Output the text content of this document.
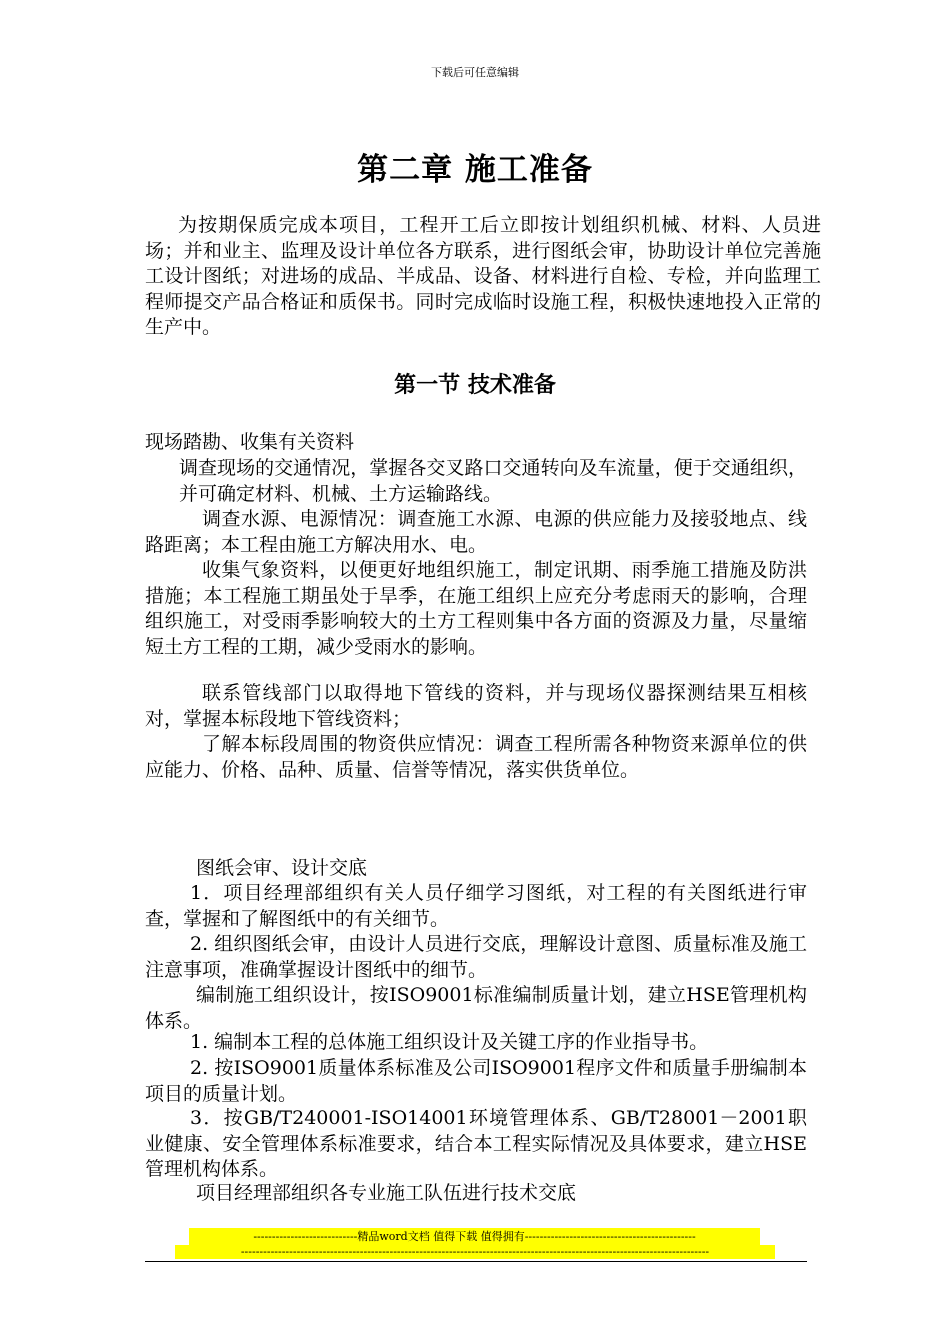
下载后可任意编辑
第二章 施工准备
为按期保质完成本项目，工程开工后立即按计划组织机械、材料、人员进场；并和业主、监理及设计单位各方联系，进行图纸会审，协助设计单位完善施工设计图纸；对进场的成品、半成品、设备、材料进行自检、专检，并向监理工程师提交产品合格证和质保书。同时完成临时设施工程，积极快速地投入正常的生产中。
第一节 技术准备
现场踏勘、收集有关资料
调查现场的交通情况，掌握各交叉路口交通转向及车流量，便于交通组织，并可确定材料、机械、土方运输路线。
调查水源、电源情况：调查施工水源、电源的供应能力及接驳地点、线路距离；本工程由施工方解决用水、电。
收集气象资料，以便更好地组织施工，制定讯期、雨季施工措施及防洪措施；本工程施工期虽处于旱季，在施工组织上应充分考虑雨天的影响，合理组织施工，对受雨季影响较大的土方工程则集中各方面的资源及力量，尽量缩短土方工程的工期，减少受雨水的影响。
联系管线部门以取得地下管线的资料，并与现场仪器探测结果互相核对，掌握本标段地下管线资料；
了解本标段周围的物资供应情况：调查工程所需各种物资来源单位的供应能力、价格、品种、质量、信誉等情况，落实供货单位。
图纸会审、设计交底
1．项目经理部组织有关人员仔细学习图纸，对工程的有关图纸进行审查，掌握和了解图纸中的有关细节。
2. 组织图纸会审，由设计人员进行交底，理解设计意图、质量标准及施工注意事项，准确掌握设计图纸中的细节。
编制施工组织设计，按ISO9001标准编制质量计划，建立HSE管理机构体系。
1. 编制本工程的总体施工组织设计及关键工序的作业指导书。
2. 按ISO9001质量体系标准及公司ISO9001程序文件和质量手册编制本项目的质量计划。
3．按GB/T240001-ISO14001环境管理体系、GB/T28001－2001职业健康、安全管理体系标准要求，结合本工程实际情况及具体要求，建立HSE管理机构体系。
项目经理部组织各专业施工队伍进行技术交底
----------------------------精品word文档 值得下载 值得拥有----------------------------------------------
------------------------------------------------------------------------------------------------------------------------------
